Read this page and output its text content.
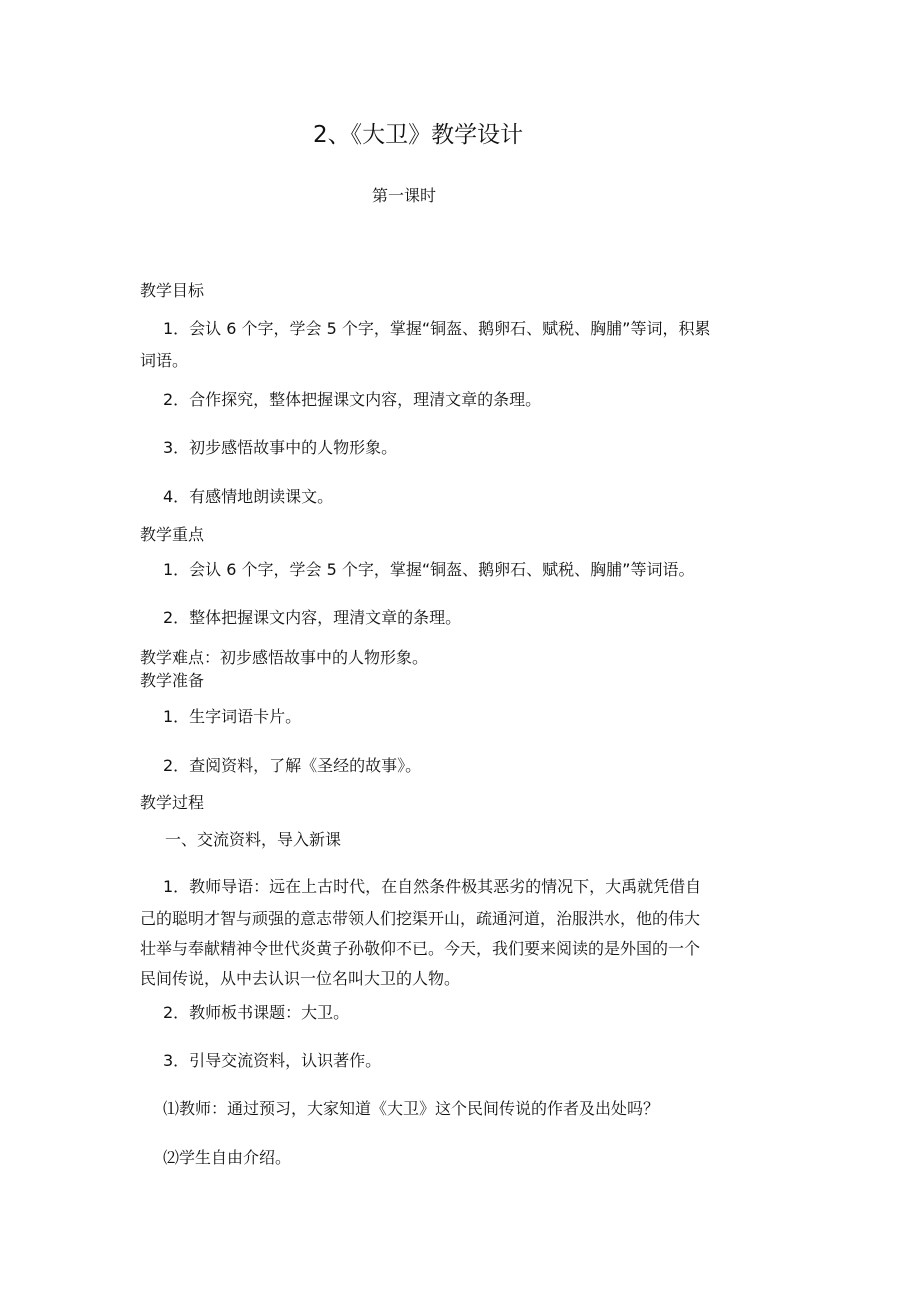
2、《大卫》教学设计
第一课时
教学目标
1．会认 6 个字，学会 5 个字，掌握“铜盔、鹅卵石、赋税、胸脯”等词，积累
词语。
2．合作探究，整体把握课文内容，理清文章的条理。
3．初步感悟故事中的人物形象。
4．有感情地朗读课文。
教学重点
1．会认 6 个字，学会 5 个字，掌握“铜盔、鹅卵石、赋税、胸脯”等词语。
2．整体把握课文内容，理清文章的条理。
教学难点：初步感悟故事中的人物形象。
教学准备
1．生字词语卡片。
2．查阅资料，了解《圣经的故事》。
教学过程
一、交流资料，导入新课
1．教师导语：远在上古时代，在自然条件极其恶劣的情况下，大禹就凭借自
己的聪明才智与顽强的意志带领人们挖渠开山，疏通河道，治服洪水，他的伟大
壮举与奉献精神令世代炎黄子孙敬仰不已。今天，我们要来阅读的是外国的一个
民间传说，从中去认识一位名叫大卫的人物。
2．教师板书课题：大卫。
3．引导交流资料，认识著作。
⑴教师：通过预习，大家知道《大卫》这个民间传说的作者及出处吗？
⑵学生自由介绍。
